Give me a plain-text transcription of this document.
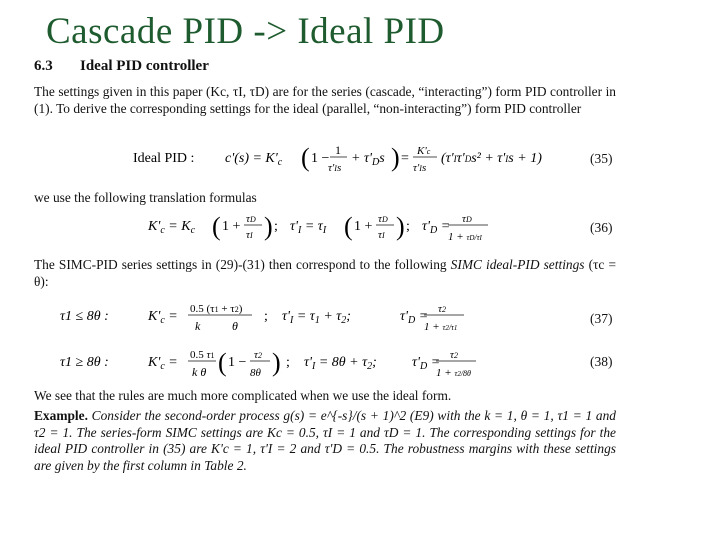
Cascade PID -> Ideal PID
6.3 Ideal PID controller
The settings given in this paper (Kc, τI, τD) are for the series (cascade, “interacting”) form PID controller in (1). To derive the corresponding settings for the ideal (parallel, “non-interacting”) form PID controller
Ideal PID : $c'(s) = K'_c$ ( 1 −
1
τ'Is
+ $\tau'_Ds$ ) = K'c
τ'Is
(τ'Iτ'Ds² + τ'Is + 1)	(35)
we use the following translation formulas
$K'_c = K_c$ ( 1 + τD
τI ) ; $\tau'_I = \tau_I$ ( 1 + τD
τI ) ; $\tau'_D = \tau D$
1 + τD/τI
(36)
The SIMC-PID series settings in (29)-(31) then correspond to the following SIMC ideal-PID settings (τc = θ):
τ1 ≤ 8θ :	$K'_c = 0.5$ (τ1 + τ2)
k	θ
; $\tau'_I = \tau_1 + \tau_2$;	$\tau'_D = \tau 2$
1 + τ2/τ1
(37)
τ1 ≥ 8θ :	$K'_c = 0.5$ τ1
k θ ( 1 − τ2
8θ ) ; $\tau'_I = 8\theta + \tau_2$;	$\tau'_D = \tau 2$
1 + τ2/8θ
(38)
We see that the rules are much more complicated when we use the ideal form.
Example. Consider the second-order process g(s) = e^{-s}/(s + 1)^2 (E9) with the k = 1, θ = 1, τ1 = 1 and τ2 = 1. The series-form SIMC settings are Kc = 0.5, τI = 1 and τD = 1. The corresponding settings for the ideal PID controller in (35) are K'c = 1, τ'I = 2 and τ'D = 0.5. The robustness margins with these settings are given by the first column in Table 2.
